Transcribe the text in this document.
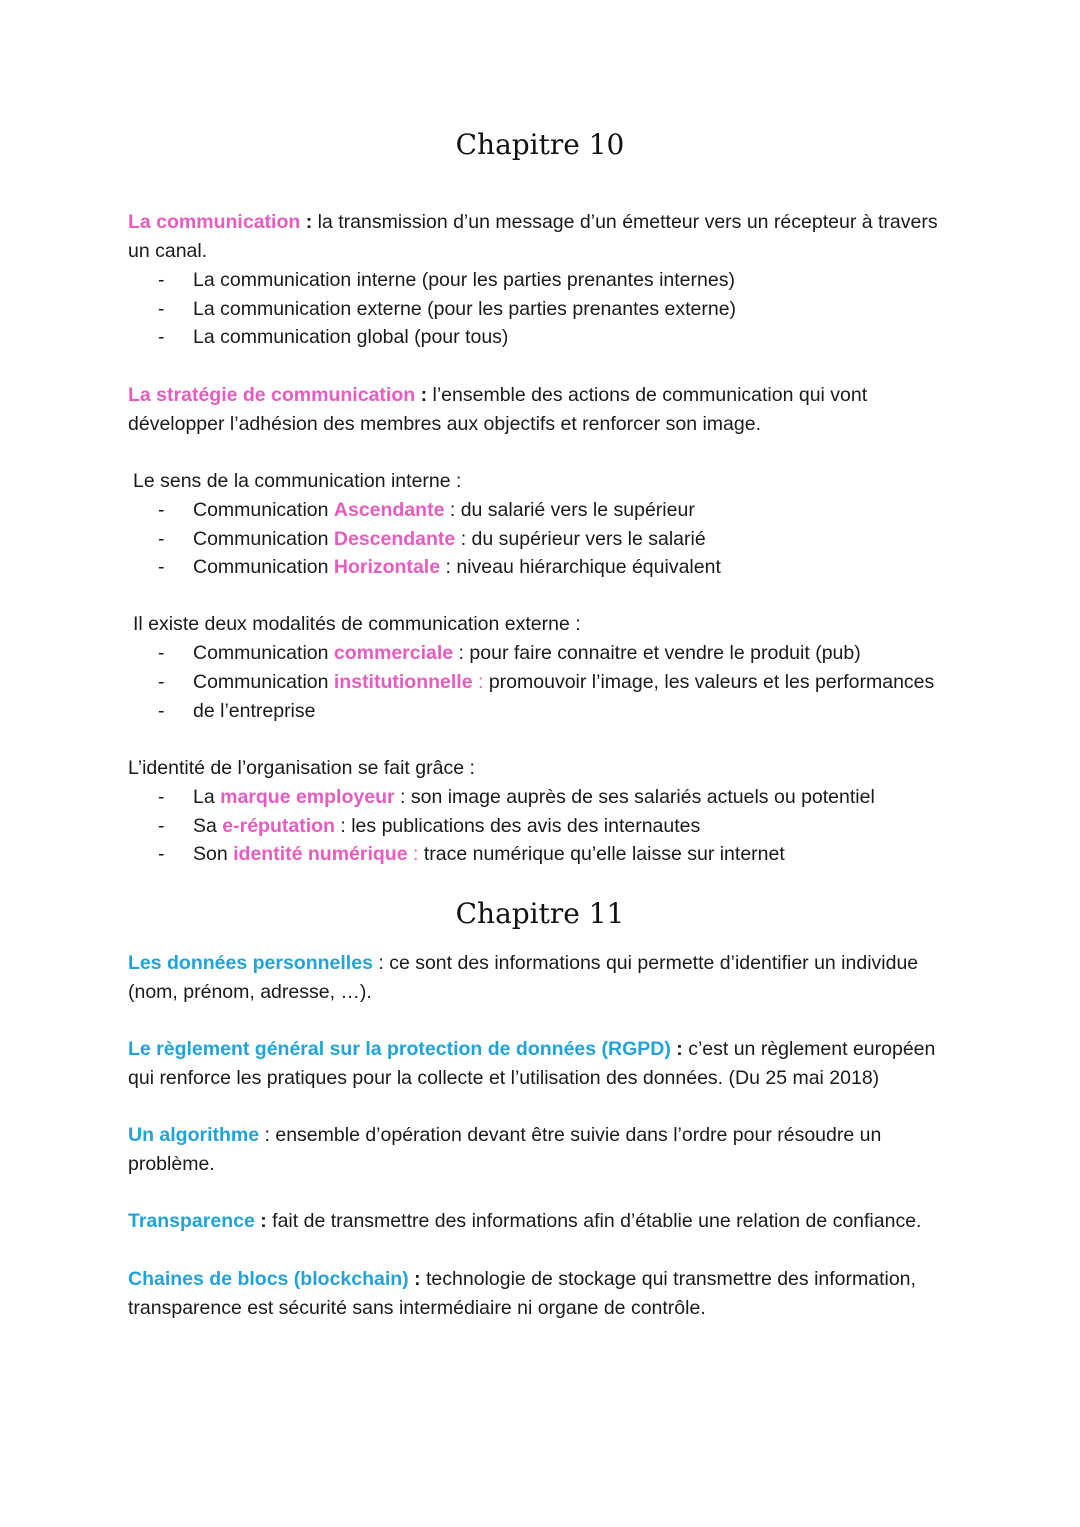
Chapitre 10

La communication : la transmission d’un message d’un émetteur vers un récepteur à travers

un canal.

- La communication interne (pour les parties prenantes internes)

- La communication externe (pour les parties prenantes externe)

- La communication global (pour tous)

La stratégie de communication : l’ensemble des actions de communication qui vont

développer l’adhésion des membres aux objectifs et renforcer son image.

Le sens de la communication interne :

- Communication Ascendante : du salarié vers le supérieur

- Communication Descendante : du supérieur vers le salarié

- Communication Horizontale : niveau hiérarchique équivalent

Il existe deux modalités de communication externe :

- Communication commerciale : pour faire connaitre et vendre le produit (pub)

- Communication institutionnelle : promouvoir l’image, les valeurs et les performances

- de l’entreprise

L’identité de l’organisation se fait grâce :

- La marque employeur : son image auprès de ses salariés actuels ou potentiel

- Sa e-réputation : les publications des avis des internautes

- Son identité numérique : trace numérique qu’elle laisse sur internet

Chapitre 11

Les données personnelles : ce sont des informations qui permette d’identifier un individue

(nom, prénom, adresse, …).

Le règlement général sur la protection de données (RGPD) : c’est un règlement européen

qui renforce les pratiques pour la collecte et l’utilisation des données. (Du 25 mai 2018)

Un algorithme : ensemble d’opération devant être suivie dans l’ordre pour résoudre un

problème.

Transparence : fait de transmettre des informations afin d’établie une relation de confiance.

Chaines de blocs (blockchain) : technologie de stockage qui transmettre des information,

transparence est sécurité sans intermédiaire ni organe de contrôle.
